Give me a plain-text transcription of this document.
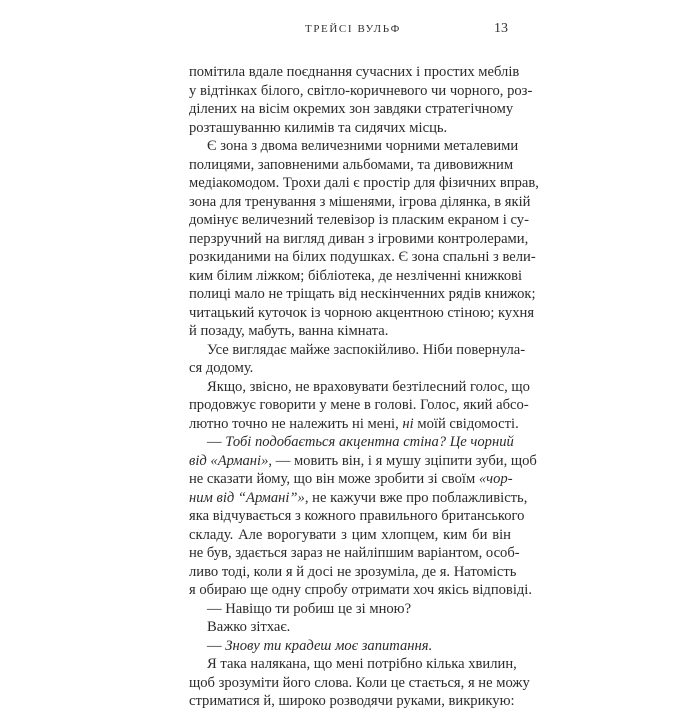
ТРЕЙСІ ВУЛЬФ	13
помітила вдале поєднання сучасних і простих меблів
у відтінках білого, світло-коричневого чи чорного, роз-
ділених на вісім окремих зон завдяки стратегічному
розташуванню килимів та сидячих місць.
Є зона з двома величезними чорними металевими
полицями, заповненими альбомами, та дивовижним
медіакомодом. Трохи далі є простір для фізичних вправ,
зона для тренування з мішенями, ігрова ділянка, в якій
домінує величезний телевізор із пласким екраном і су-
перзручний на вигляд диван з ігровими контролерами,
розкиданими на білих подушках. Є зона спальні з вели-
ким білим ліжком; бібліотека, де незліченні книжкові
полиці мало не тріщать від нескінченних рядів книжок;
читацький куточок із чорною акцентною стіною; кухня
й позаду, мабуть, ванна кімната.
Усе виглядає майже заспокійливо. Ніби повернула-
ся додому.
Якщо, звісно, не враховувати безтілесний голос, що
продовжує говорити у мене в голові. Голос, який абсо-
лютно точно не належить ні мені, ні моїй свідомості.
— Тобі подобається акцентна стіна? Це чорний
від «Армані», — мовить він, і я мушу зціпити зуби, щоб
не сказати йому, що він може зробити зі своїм «чор-
ним від “Армані”», не кажучи вже про поблажливість,
яка відчувається з кожного правильного британського
складу. Але ворогувати з цим хлопцем, ким би він
не був, здається зараз не найліпшим варіантом, особ-
ливо тоді, коли я й досі не зрозуміла, де я. Натомість
я обираю ще одну спробу отримати хоч якісь відповіді.
— Навіщо ти робиш це зі мною?
Важко зітхає.
— Знову ти крадеш моє запитання.
Я така налякана, що мені потрібно кілька хвилин,
щоб зрозуміти його слова. Коли це стається, я не можу
стриматися й, широко розводячи руками, викрикую:
